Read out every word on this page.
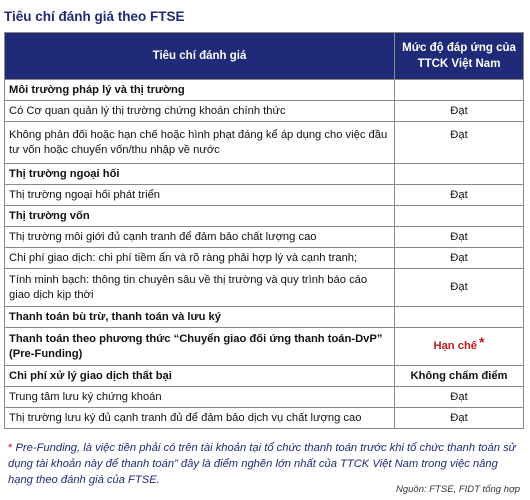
Tiêu chí đánh giá theo FTSE
Tiêu chí đánh giá	Mức độ đáp ứng của TTCK Việt Nam
Môi trường pháp lý và thị trường	
Có Cơ quan quản lý thị trường chứng khoán chính thức	Đạt
Không phản đối hoặc hạn chế hoặc hình phạt đáng kể áp dụng cho việc đầu tư vốn hoặc chuyển vốn/thu nhập về nước	Đạt
Thị trường ngoại hối	
Thị trường ngoại hối phát triển	Đạt
Thị trường vốn	
Thị trường môi giới đủ cạnh tranh để đảm bảo chất lượng cao	Đạt
Chi phí giao dịch: chi phí tiềm ẩn và rõ ràng phải hợp lý và cạnh tranh;	Đạt
Tính minh bạch: thông tin chuyên sâu về thị trường và quy trình báo cáo giao dịch kịp thời	Đạt
Thanh toán bù trừ, thanh toán và lưu ký	
Thanh toán theo phương thức “Chuyển giao đối ứng thanh toán-DvP” (Pre-Funding)	Hạn chế *
Chi phí xử lý giao dịch thất bại	Không chấm điểm
Trung tâm lưu ký chứng khoán	Đạt
Thị trường lưu ký đủ cạnh tranh đủ để đảm bảo dịch vụ chất lượng cao	Đạt
* Pre-Funding, là việc tiền phải có trên tài khoản tại tổ chức thanh toán trước khi tổ chức thanh toán sử dụng tài khoản này để thanh toán” đây là điểm nghẽn lớn nhất của TTCK Việt Nam trong việc nâng hạng theo đánh giá của FTSE.
Nguồn: FTSE, FIDT tổng hợp
